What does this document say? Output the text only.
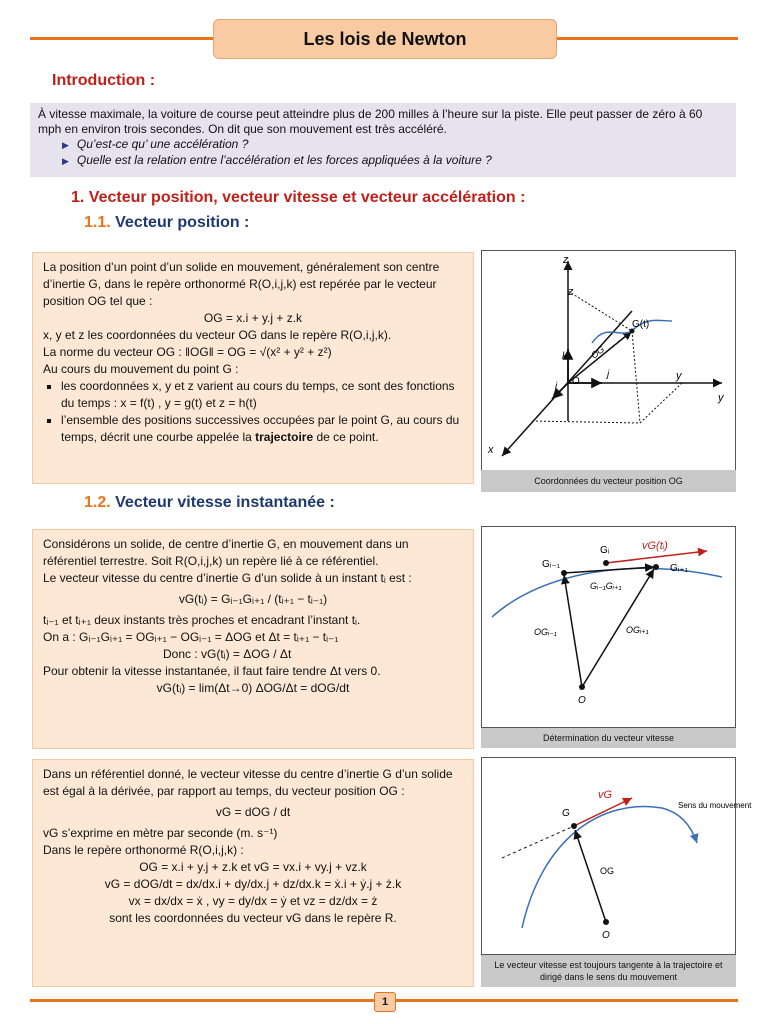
Les lois de Newton
Introduction :
À vitesse maximale, la voiture de course peut atteindre plus de 200 milles à l’heure sur la piste. Elle peut passer de zéro à 60 mph en environ trois secondes. On dit que son mouvement est très accéléré.
▶ Qu’est-ce qu’ une accélération ?
▶ Quelle est la relation entre l’accélération et les forces appliquées à la voiture ?
1. Vecteur position, vecteur vitesse et vecteur accélération :
1.1. Vecteur position :

La position d’un point d’un solide en mouvement, généralement son centre d’inertie G, dans le repère orthonormé R(O,i,j,k) est repérée par le vecteur position OG tel que :

OG = x.i + y.j + z.k

x, y et z les coordonnées du vecteur OG dans le repère R(O,i,j,k).

La norme du vecteur OG : ‖OG‖ = OG = √(x² + y² + z²)

Au cours du mouvement du point G :

▪ les coordonnées x, y et z varient au cours du temps, ce sont des fonctions du temps : x = f(t) , y = g(t) et z = h(t)
▪ l’ensemble des positions successives occupées par le point G, au cours du temps, décrit une courbe appelée la trajectoire de ce point.
z
z
y
y
x
O
G(t)
k
i
j
OG
Coordonnées du vecteur position OG
1.2. Vecteur vitesse instantanée :

Considérons un solide, de centre d’inertie G, en mouvement dans un référentiel terrestre. Soit R(O,i,j,k) un repère lié à ce référentiel.

Le vecteur vitesse du centre d’inertie G d’un solide à un instant tᵢ est :

vG(tᵢ) = Gᵢ₋₁Gᵢ₊₁ / (tᵢ₊₁ − tᵢ₋₁)

tᵢ₋₁ et tᵢ₊₁ deux instants très proches et encadrant l’instant tᵢ.

On a : Gᵢ₋₁Gᵢ₊₁ = OGᵢ₊₁ − OGᵢ₋₁ = ΔOG et Δt = tᵢ₊₁ − tᵢ₋₁

Donc : vG(tᵢ) = ΔOG / Δt

Pour obtenir la vitesse instantanée, il faut faire tendre Δt vers 0.

vG(tᵢ) = lim(Δt→0) ΔOG/Δt = dOG/dt

Gᵢ
Gᵢ₋₁	Gᵢ₊₁
vG(tᵢ)
Gᵢ₋₁Gᵢ₊₁
OGᵢ₋₁	OGᵢ₊₁
O
Détermination du vecteur vitesse

Dans un référentiel donné, le vecteur vitesse du centre d’inertie G d’un solide est égal à la dérivée, par rapport au temps, du vecteur position OG :

vG = dOG / dt

vG s’exprime en mètre par seconde (m. s⁻¹)

Dans le repère orthonormé R(O,i,j,k) :

OG = x.i + y.j + z.k et vG = vx.i + vy.j + vz.k

vG = dOG/dt = dx/dx.i + dy/dx.j + dz/dx.k = ẋ.i + ẏ.j + ż.k

vx = dx/dx = ẋ , vy = dy/dx = ẏ et vz = dz/dx = ż

sont les coordonnées du vecteur vG dans le repère R.

G
vG
Sens du mouvement
OG
O
Le vecteur vitesse est toujours tangente à la trajectoire et dirigé dans le sens du mouvement
1
